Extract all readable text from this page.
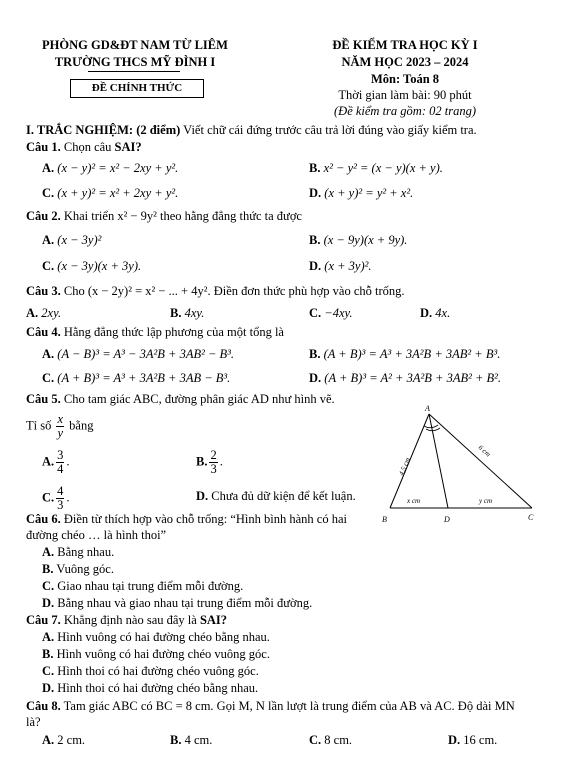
PHÒNG GD&ĐT NAM TỪ LIÊM
TRƯỜNG THCS MỸ ĐÌNH I
ĐỀ CHÍNH THỨC
ĐỀ KIỂM TRA HỌC KỲ I
NĂM HỌC 2023 – 2024
Môn: Toán 8
Thời gian làm bài: 90 phút
(Đề kiểm tra gồm: 02 trang)
I. TRẮC NGHIỆM: (2 điểm) Viết chữ cái đứng trước câu trả lời đúng vào giấy kiểm tra.
Câu 1. Chọn câu SAI?
A. (x − y)² = x² − 2xy + y².	B. x² − y² = (x − y)(x + y).
C. (x + y)² = x² + 2xy + y².	D. (x + y)² = y² + x².
Câu 2. Khai triển x² − 9y² theo hằng đẳng thức ta được
A. (x − 3y)²	B. (x − 9y)(x + 9y).
C. (x − 3y)(x + 3y).	D. (x + 3y)².
Câu 3. Cho (x − 2y)² = x² − ... + 4y². Điền đơn thức phù hợp vào chỗ trống.
A. 2xy.	B. 4xy.	C. −4xy.	D. 4x.
Câu 4. Hằng đẳng thức lập phương của một tổng là
A. (A − B)³ = A³ − 3A²B + 3AB² − B³.	B. (A + B)³ = A³ + 3A²B + 3AB² + B³.
C. (A + B)³ = A³ + 3A²B + 3AB − B³.	D. (A + B)³ = A² + 3A²B + 3AB² + B².
Câu 5. Cho tam giác ABC, đường phân giác AD như hình vẽ.
Tỉ số $\frac{x}{y}$ bằng
A. $\frac{3}{4}$ .	B. $\frac{2}{3}$ .
C. $\frac{4}{3}$ .	D. Chưa đủ dữ kiện để kết luận.
A
B	D	C
4,5 cm
6 cm
x cm	y cm
Câu 6. Điền từ thích hợp vào chỗ trống: “Hình bình hành có hai
đường chéo … là hình thoi”
A. Bằng nhau.
B. Vuông góc.
C. Giao nhau tại trung điểm mỗi đường.
D. Bằng nhau và giao nhau tại trung điểm mỗi đường.
Câu 7. Khẳng định nào sau đây là SAI?
A. Hình vuông có hai đường chéo bằng nhau.
B. Hình vuông có hai đường chéo vuông góc.
C. Hình thoi có hai đường chéo vuông góc.
D. Hình thoi có hai đường chéo bằng nhau.
Câu 8. Tam giác ABC có BC = 8 cm. Gọi M, N lần lượt là trung điểm của AB và AC. Độ dài MN
là?
A. 2 cm.	B. 4 cm.	C. 8 cm.	D. 16 cm.
